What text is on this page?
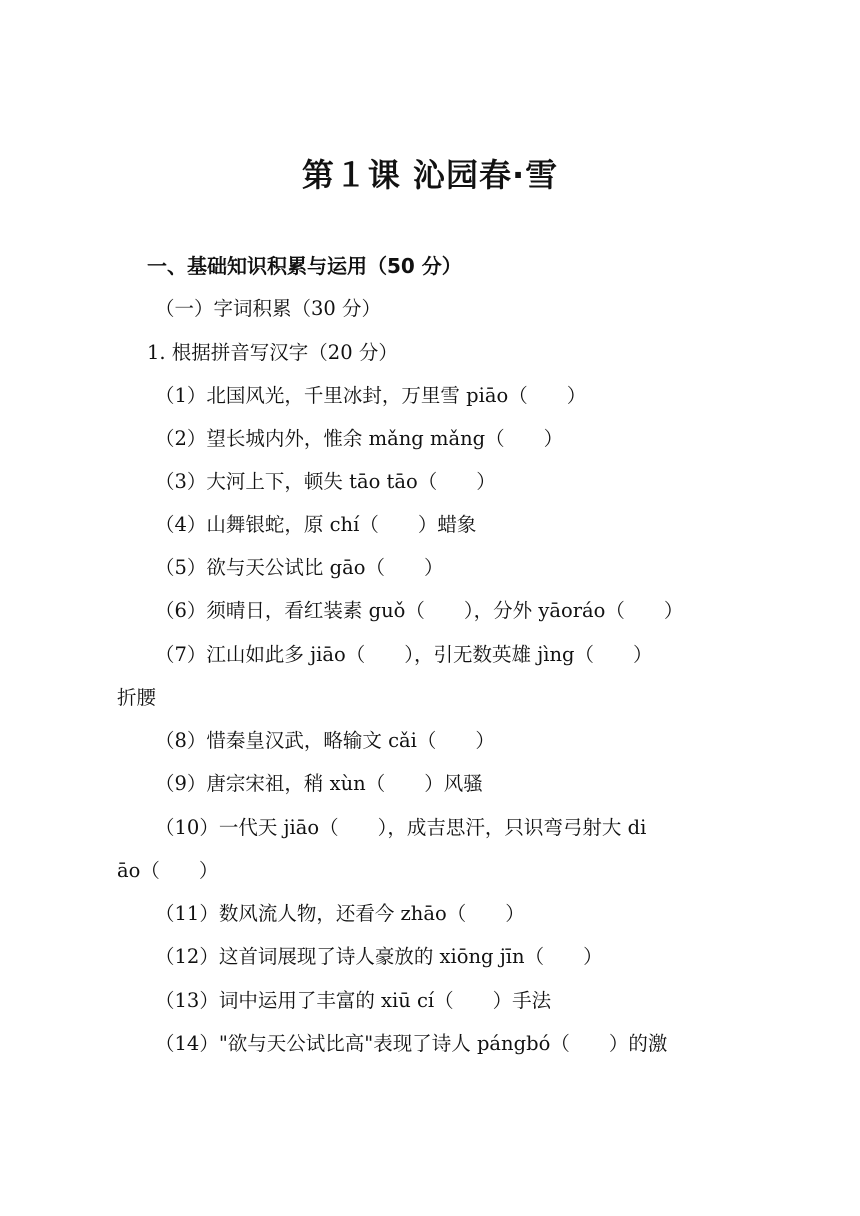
第１课 沁园春·雪
一、基础知识积累与运用（50 分）
（一）字词积累（30 分）
1. 根据拼音写汉字（20 分）
（1）北国风光，千里冰封，万里雪 piāo（　　）
（2）望长城内外，惟余 mǎng mǎng（　　）
（3）大河上下，顿失 tāo tāo（　　）
（4）山舞银蛇，原 chí（　　）蜡象
（5）欲与天公试比 gāo（　　）
（6）须晴日，看红装素 guǒ（　　），分外 yāoráo（　　）
（7）江山如此多 jiāo（　　），引无数英雄 jìng（　　）
折腰
（8）惜秦皇汉武，略输文 cǎi（　　）
（9）唐宗宋祖，稍 xùn（　　）风骚
（10）一代天 jiāo（　　），成吉思汗，只识弯弓射大 di
āo（　　）
（11）数风流人物，还看今 zhāo（　　）
（12）这首词展现了诗人豪放的 xiōng jīn（　　）
（13）词中运用了丰富的 xiū cí（　　）手法
（14）"欲与天公试比高"表现了诗人 pángbó（　　）的激
